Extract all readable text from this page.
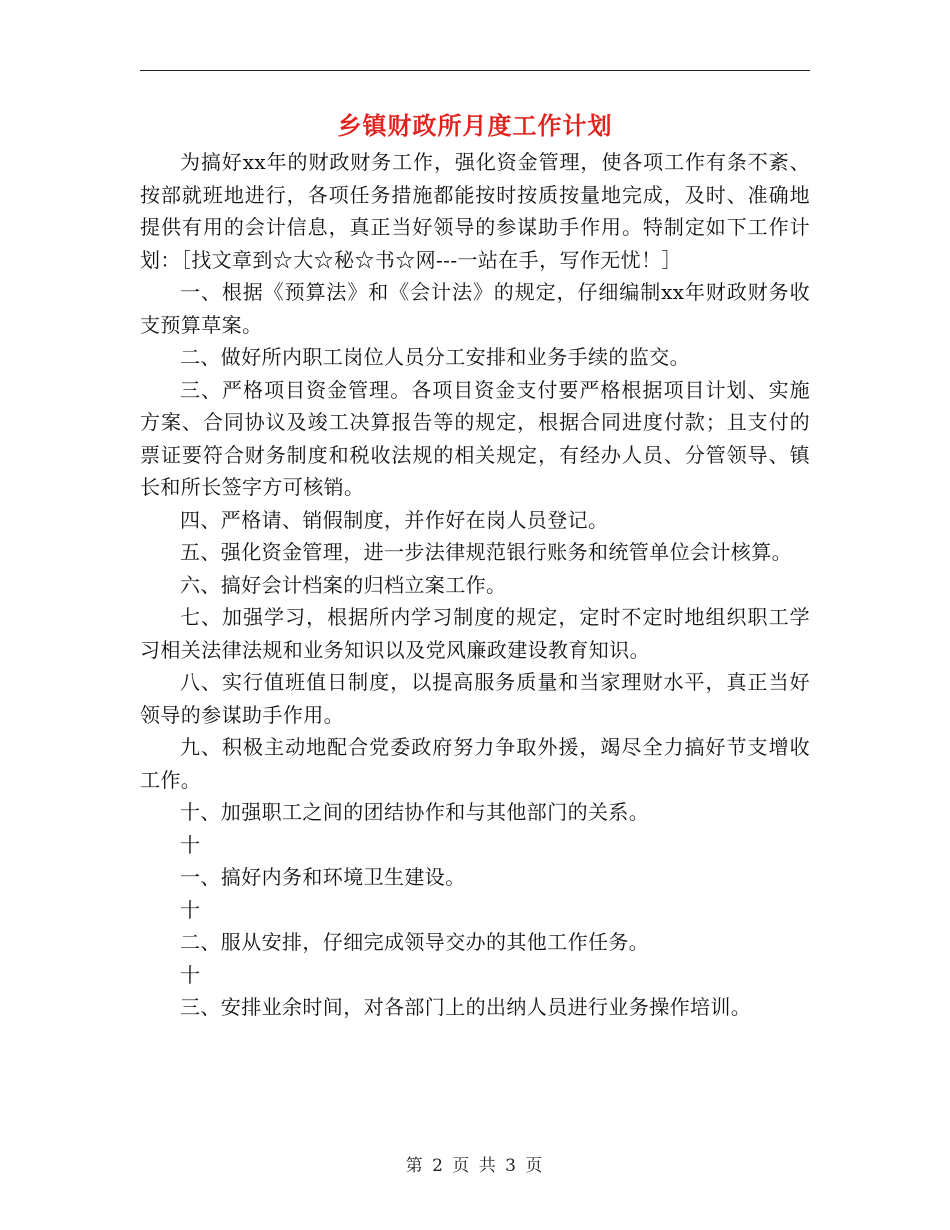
乡镇财政所月度工作计划

为搞好xx年的财政财务工作，强化资金管理，使各项工作有条不紊、按部就班地进行，各项任务措施都能按时按质按量地完成，及时、准确地提供有用的会计信息，真正当好领导的参谋助手作用。特制定如下工作计划：［找文章到☆大☆秘☆书☆网---一站在手，写作无忧！］

一、根据《预算法》和《会计法》的规定，仔细编制xx年财政财务收支预算草案。

二、做好所内职工岗位人员分工安排和业务手续的监交。

三、严格项目资金管理。各项目资金支付要严格根据项目计划、实施方案、合同协议及竣工决算报告等的规定，根据合同进度付款；且支付的票证要符合财务制度和税收法规的相关规定，有经办人员、分管领导、镇长和所长签字方可核销。

四、严格请、销假制度，并作好在岗人员登记。

五、强化资金管理，进一步法律规范银行账务和统管单位会计核算。

六、搞好会计档案的归档立案工作。

七、加强学习，根据所内学习制度的规定，定时不定时地组织职工学习相关法律法规和业务知识以及党风廉政建设教育知识。

八、实行值班值日制度，以提高服务质量和当家理财水平，真正当好领导的参谋助手作用。

九、积极主动地配合党委政府努力争取外援，竭尽全力搞好节支增收工作。

十、加强职工之间的团结协作和与其他部门的关系。

十

一、搞好内务和环境卫生建设。

十

二、服从安排，仔细完成领导交办的其他工作任务。

十

三、安排业余时间，对各部门上的出纳人员进行业务操作培训。

第 2 页 共 3 页
